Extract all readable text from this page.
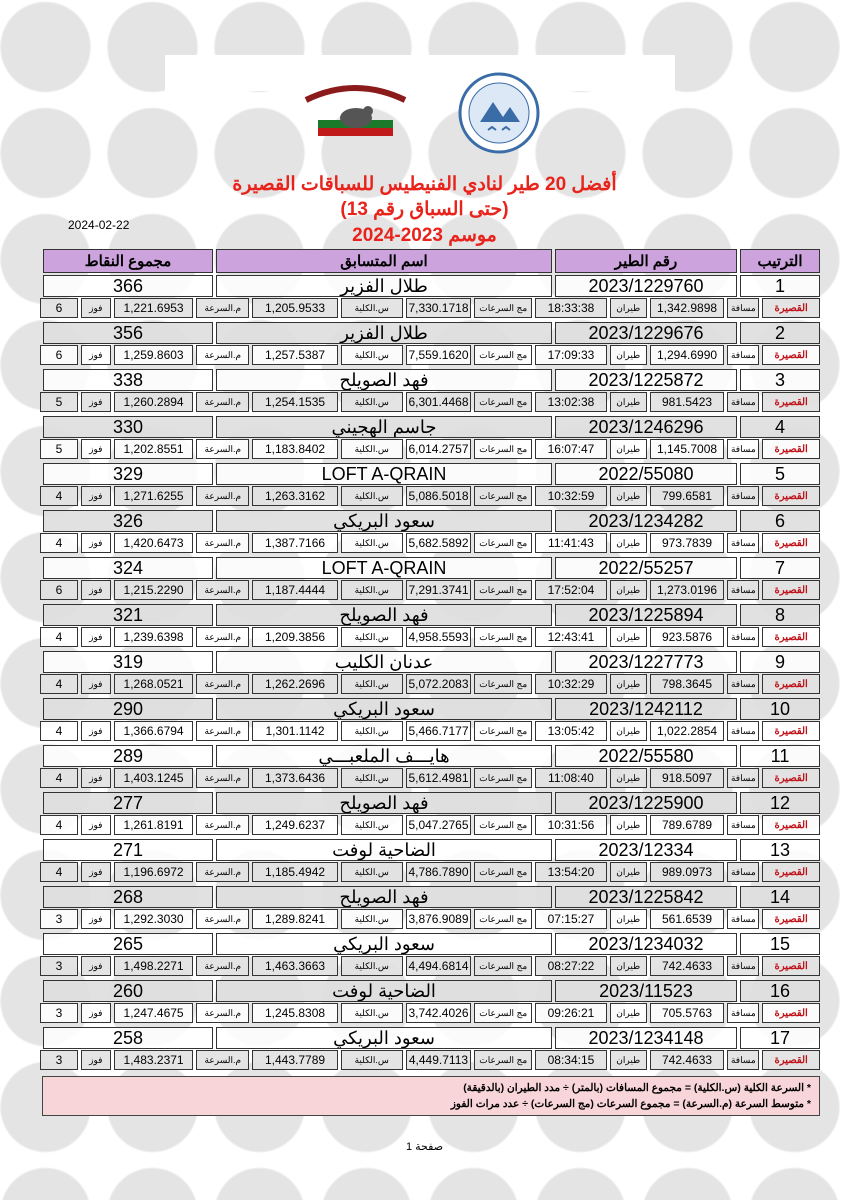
أفضل 20 طير لنادي الفنيطيس للسباقات القصيرة
(حتى السباق رقم 13)
موسم 2023-2024
2024-02-22
الترتيب
رقم الطير
اسم المتسابق
مجموع النقاط
1
2023/1229760
طلال الفزير
366
القصيرة
مسافة
1,342.9898
طيران
18:33:38
مج السرعات
7,330.1718
س.الكلية
1,205.9533
م.السرعة
1,221.6953
فوز
6
2
2023/1229676
طلال الفزير
356
القصيرة
مسافة
1,294.6990
طيران
17:09:33
مج السرعات
7,559.1620
س.الكلية
1,257.5387
م.السرعة
1,259.8603
فوز
6
3
2023/1225872
فهد الصويلح
338
القصيرة
مسافة
981.5423
طيران
13:02:38
مج السرعات
6,301.4468
س.الكلية
1,254.1535
م.السرعة
1,260.2894
فوز
5
4
2023/1246296
جاسم الهجيني
330
القصيرة
مسافة
1,145.7008
طيران
16:07:47
مج السرعات
6,014.2757
س.الكلية
1,183.8402
م.السرعة
1,202.8551
فوز
5
5
2022/55080
LOFT A-QRAIN
329
القصيرة
مسافة
799.6581
طيران
10:32:59
مج السرعات
5,086.5018
س.الكلية
1,263.3162
م.السرعة
1,271.6255
فوز
4
6
2023/1234282
سعود البريكي
326
القصيرة
مسافة
973.7839
طيران
11:41:43
مج السرعات
5,682.5892
س.الكلية
1,387.7166
م.السرعة
1,420.6473
فوز
4
7
2022/55257
LOFT A-QRAIN
324
القصيرة
مسافة
1,273.0196
طيران
17:52:04
مج السرعات
7,291.3741
س.الكلية
1,187.4444
م.السرعة
1,215.2290
فوز
6
8
2023/1225894
فهد الصويلح
321
القصيرة
مسافة
923.5876
طيران
12:43:41
مج السرعات
4,958.5593
س.الكلية
1,209.3856
م.السرعة
1,239.6398
فوز
4
9
2023/1227773
عدنان الكليب
319
القصيرة
مسافة
798.3645
طيران
10:32:29
مج السرعات
5,072.2083
س.الكلية
1,262.2696
م.السرعة
1,268.0521
فوز
4
10
2023/1242112
سعود البريكي
290
القصيرة
مسافة
1,022.2854
طيران
13:05:42
مج السرعات
5,466.7177
س.الكلية
1,301.1142
م.السرعة
1,366.6794
فوز
4
11
2022/55580
هايـــف الملعبـــي
289
القصيرة
مسافة
918.5097
طيران
11:08:40
مج السرعات
5,612.4981
س.الكلية
1,373.6436
م.السرعة
1,403.1245
فوز
4
12
2023/1225900
فهد الصويلح
277
القصيرة
مسافة
789.6789
طيران
10:31:56
مج السرعات
5,047.2765
س.الكلية
1,249.6237
م.السرعة
1,261.8191
فوز
4
13
2023/12334
الضاحية لوفت
271
القصيرة
مسافة
989.0973
طيران
13:54:20
مج السرعات
4,786.7890
س.الكلية
1,185.4942
م.السرعة
1,196.6972
فوز
4
14
2023/1225842
فهد الصويلح
268
القصيرة
مسافة
561.6539
طيران
07:15:27
مج السرعات
3,876.9089
س.الكلية
1,289.8241
م.السرعة
1,292.3030
فوز
3
15
2023/1234032
سعود البريكي
265
القصيرة
مسافة
742.4633
طيران
08:27:22
مج السرعات
4,494.6814
س.الكلية
1,463.3663
م.السرعة
1,498.2271
فوز
3
16
2023/11523
الضاحية لوفت
260
القصيرة
مسافة
705.5763
طيران
09:26:21
مج السرعات
3,742.4026
س.الكلية
1,245.8308
م.السرعة
1,247.4675
فوز
3
17
2023/1234148
سعود البريكي
258
القصيرة
مسافة
742.4633
طيران
08:34:15
مج السرعات
4,449.7113
س.الكلية
1,443.7789
م.السرعة
1,483.2371
فوز
3
* السرعة الكلية (س.الكلية) = مجموع المسافات (بالمتر) ÷ مدد الطيران (بالدقيقة)
* متوسط السرعة (م.السرعة) = مجموع السرعات (مج السرعات) ÷ عدد مرات الفوز
صفحة 1
